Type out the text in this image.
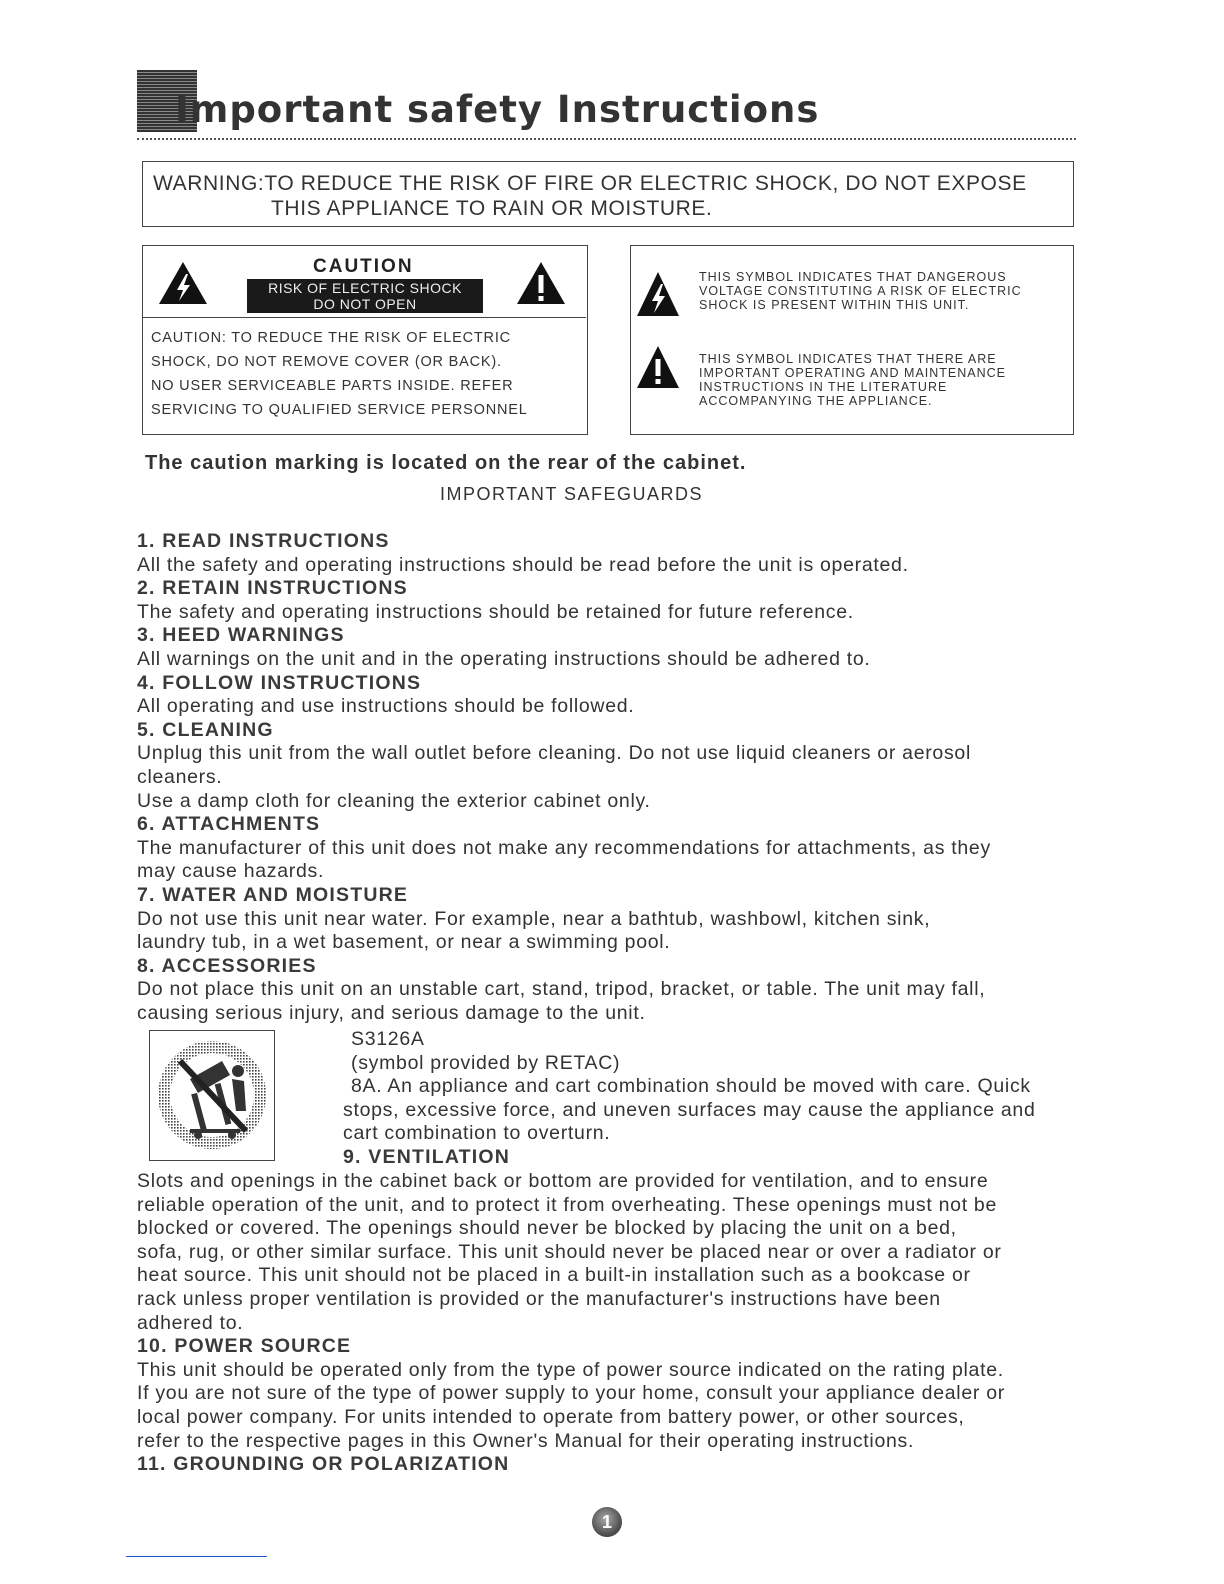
Important safety Instructions
WARNING:TO REDUCE THE RISK OF FIRE OR ELECTRIC SHOCK, DO NOT EXPOSE
THIS APPLIANCE TO RAIN OR MOISTURE.
CAUTION
RISK OF ELECTRIC SHOCK
DO NOT OPEN
CAUTION: TO REDUCE THE RISK OF ELECTRIC
SHOCK, DO NOT REMOVE COVER (OR BACK).
NO USER SERVICEABLE PARTS INSIDE. REFER
SERVICING TO QUALIFIED SERVICE PERSONNEL
THIS SYMBOL INDICATES THAT DANGEROUS
VOLTAGE CONSTITUTING A RISK OF ELECTRIC
SHOCK IS PRESENT WITHIN THIS UNIT.
THIS SYMBOL INDICATES THAT THERE ARE
IMPORTANT OPERATING AND MAINTENANCE
INSTRUCTIONS IN THE LITERATURE
ACCOMPANYING THE APPLIANCE.
The caution marking is located on the rear of the cabinet.
IMPORTANT SAFEGUARDS
1. READ INSTRUCTIONS
All the safety and operating instructions should be read before the unit is operated.
2. RETAIN INSTRUCTIONS
The safety and operating instructions should be retained for future reference.
3. HEED WARNINGS
All warnings on the unit and in the operating instructions should be adhered to.
4. FOLLOW INSTRUCTIONS
All operating and use instructions should be followed.
5. CLEANING
Unplug this unit from the wall outlet before cleaning. Do not use liquid cleaners or aerosol
cleaners.
Use a damp cloth for cleaning the exterior cabinet only.
6. ATTACHMENTS
The manufacturer of this unit does not make any recommendations for attachments, as they
may cause hazards.
7. WATER AND MOISTURE
Do not use this unit near water. For example, near a bathtub, washbowl, kitchen sink,
laundry tub, in a wet basement, or near a swimming pool.
8. ACCESSORIES
Do not place this unit on an unstable cart, stand, tripod, bracket, or table. The unit may fall,
causing serious injury, and serious damage to the unit.
S3126A
(symbol provided by RETAC)
8A. An appliance and cart combination should be moved with care. Quick
stops, excessive force, and uneven surfaces may cause the appliance and
cart combination to overturn.
9. VENTILATION
Slots and openings in the cabinet back or bottom are provided for ventilation, and to ensure
reliable operation of the unit, and to protect it from overheating. These openings must not be
blocked or covered. The openings should never be blocked by placing the unit on a bed,
sofa, rug, or other similar surface. This unit should never be placed near or over a radiator or
heat source. This unit should not be placed in a built-in installation such as a bookcase or
rack unless proper ventilation is provided or the manufacturer's instructions have been
adhered to.
10. POWER SOURCE
This unit should be operated only from the type of power source indicated on the rating plate.
If you are not sure of the type of power supply to your home, consult your appliance dealer or
local power company. For units intended to operate from battery power, or other sources,
refer to the respective pages in this Owner's Manual for their operating instructions.
11. GROUNDING OR POLARIZATION
1
